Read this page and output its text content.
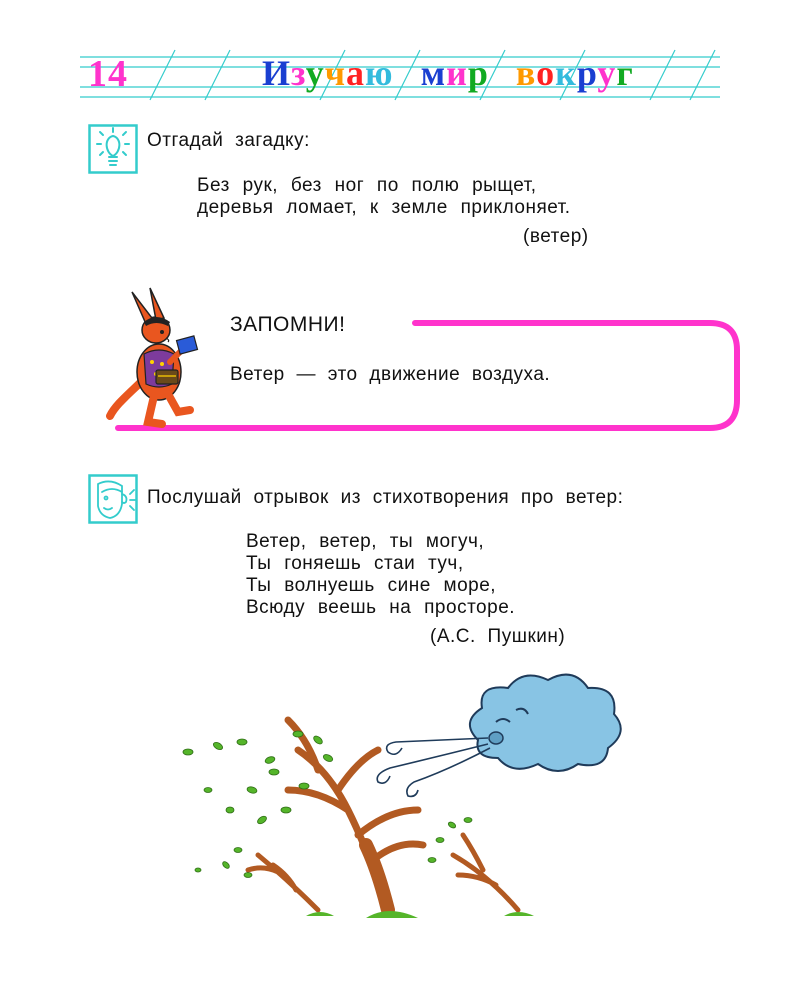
14	Изучаю мир вокруг
Отгадай загадку:
Без рук, без ног по полю рыщет,
деревья ломает, к земле приклоняет.
(ветер)
ЗАПОМНИ!
Ветер — это движение воздуха.
Послушай отрывок из стихотворения про ветер:
Ветер, ветер, ты могуч,
Ты гоняешь стаи туч,
Ты волнуешь сине море,
Всюду веешь на просторе.
(А.С. Пушкин)
